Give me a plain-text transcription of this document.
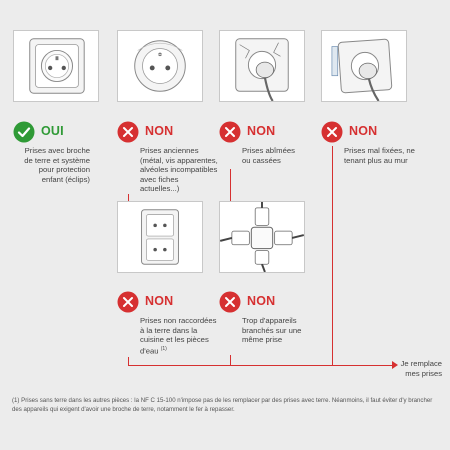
OUI	NON	NON	NON
NON	NON
Prises avec broche de terre et système pour protection enfant (éclips)
Prises anciennes (métal, vis apparentes, alvéoles incompatibles avec fiches actuelles...)
Prises abîmées ou cassées
Prises mal fixées, ne tenant plus au mur
Prises non raccordées à la terre dans la cuisine et les pièces d'eau $^{(1)}$
Trop d'appareils branchés sur une même prise
Je remplace mes prises
(1) Prises sans terre dans les autres pièces : la NF C 15-100 n'impose pas de les remplacer par des prises avec terre. Néanmoins, il faut éviter d'y brancher des appareils qui exigent d'avoir une broche de terre, notamment le fer à repasser.
